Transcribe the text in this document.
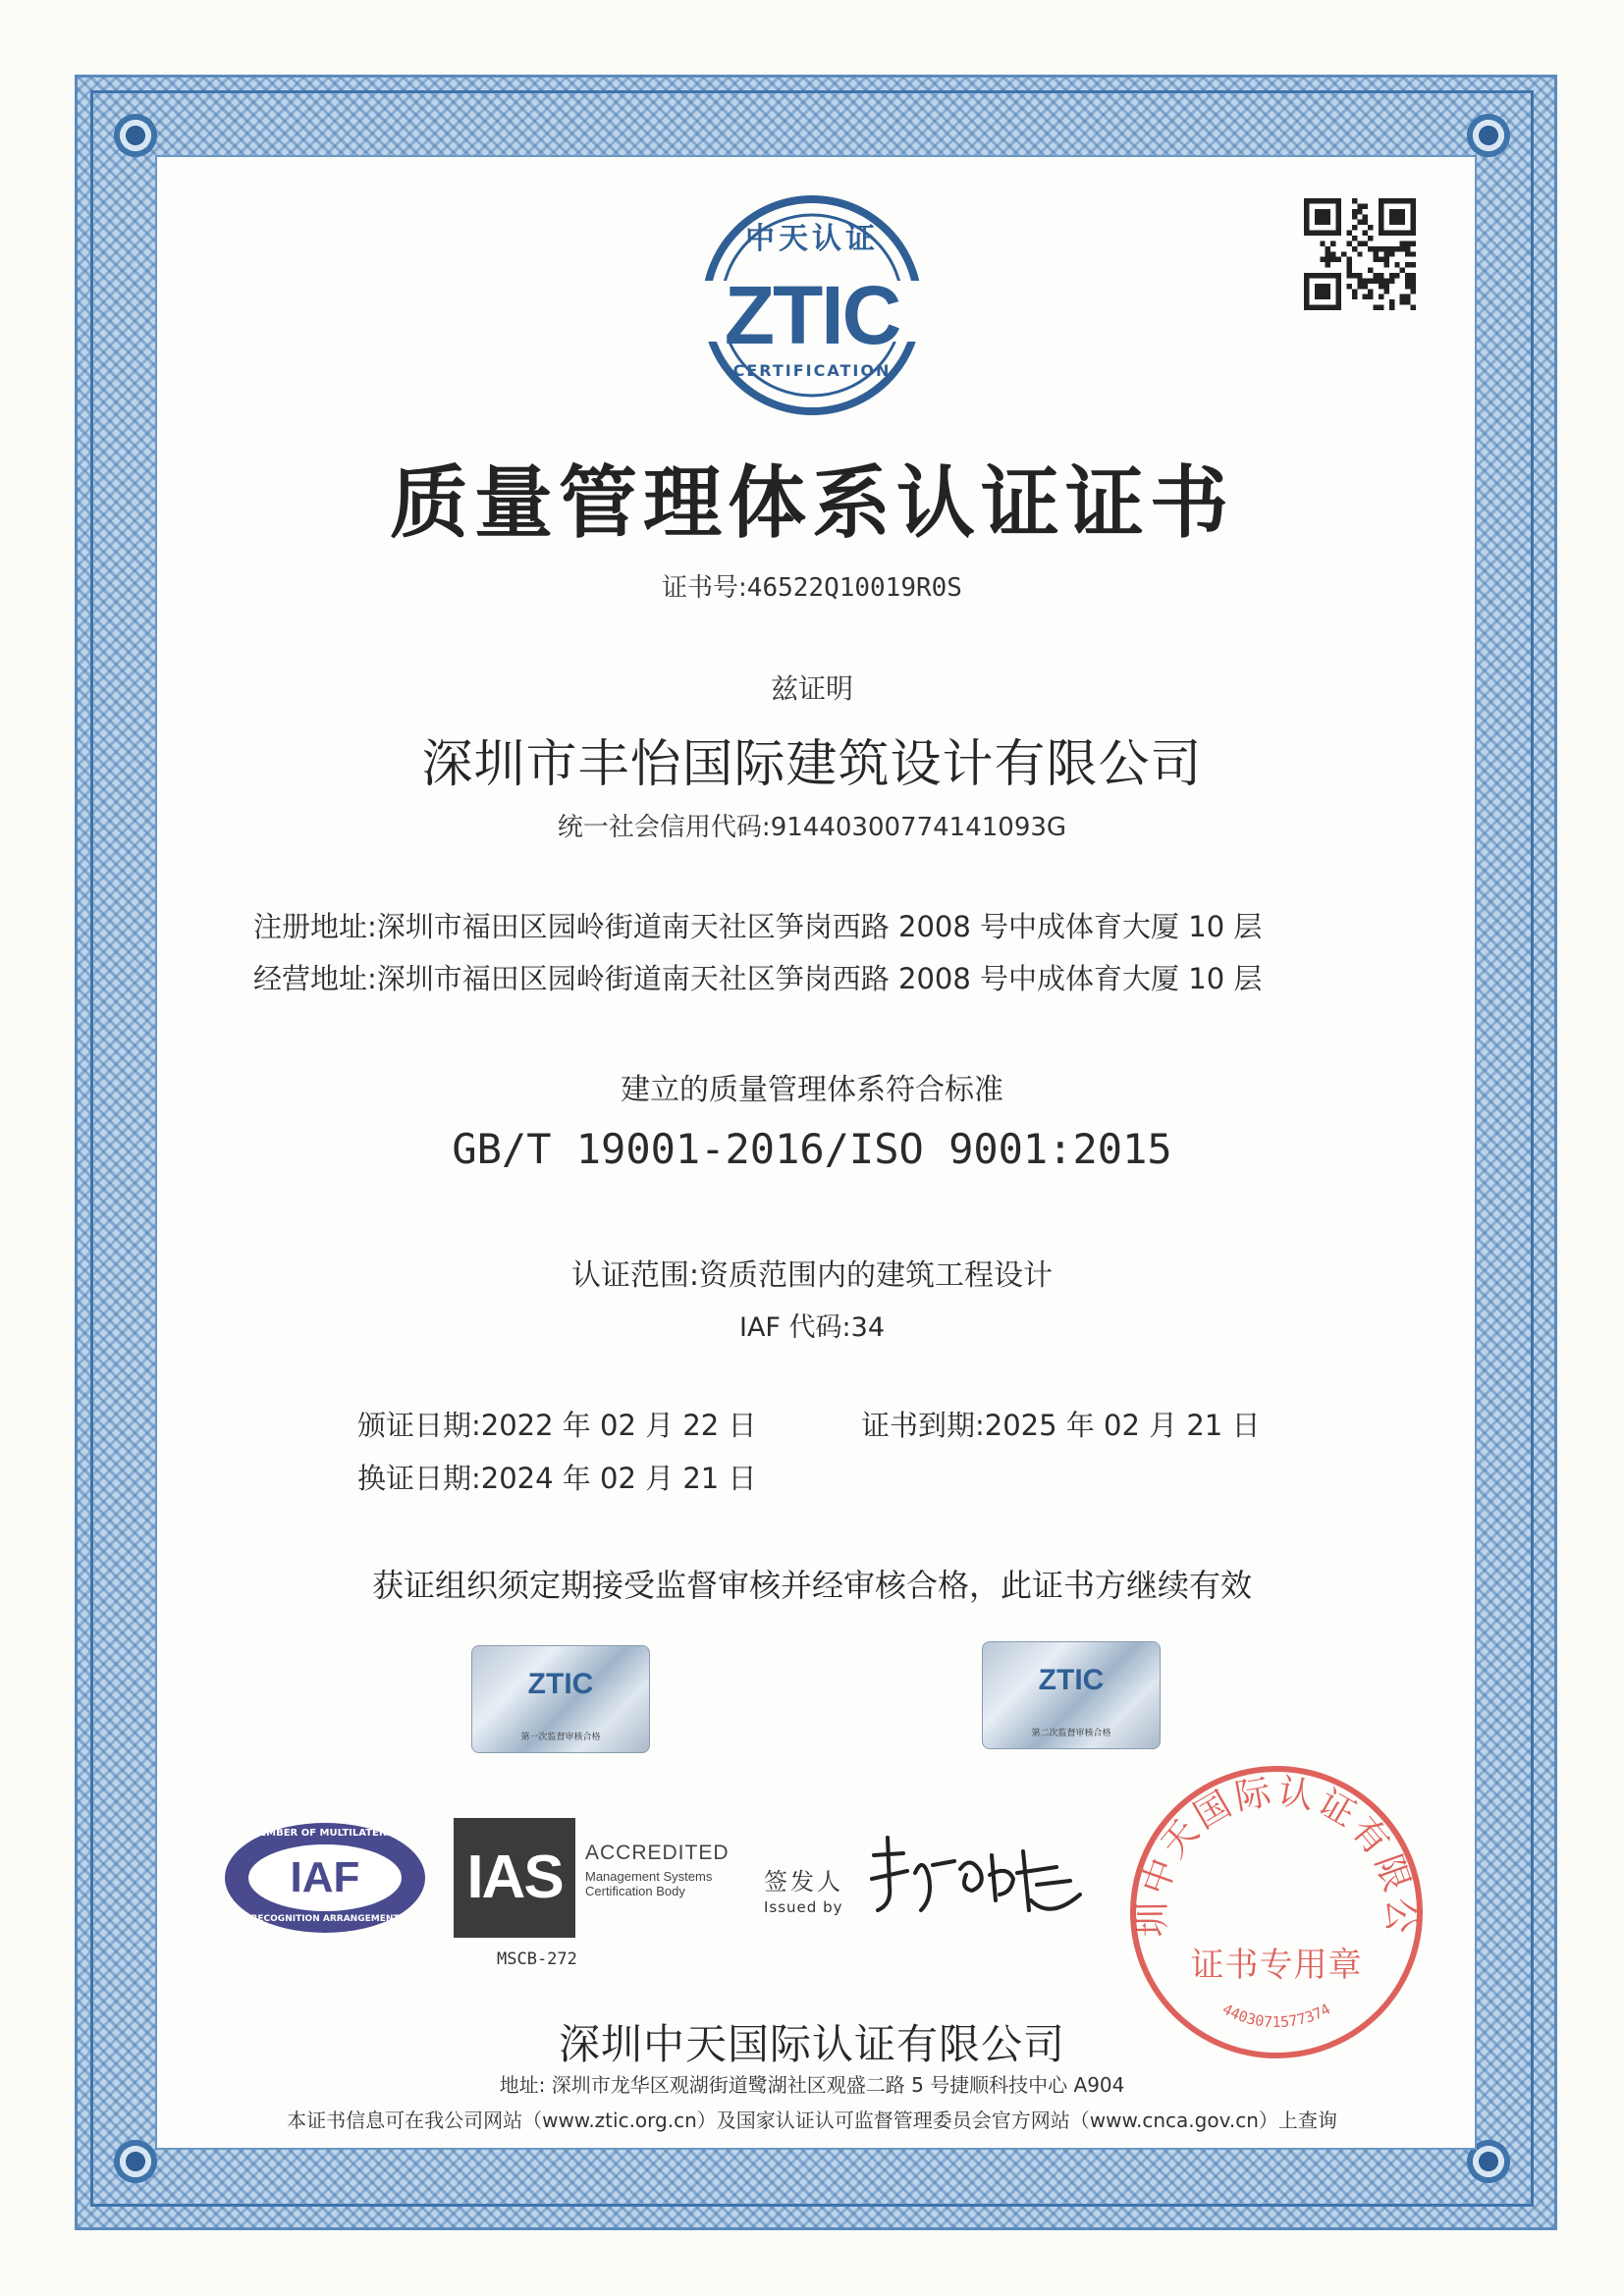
中天认证
ZTIC
CERTIFICATION
质量管理体系认证证书
证书号:46522Q10019R0S
兹证明
深圳市丰怡国际建筑设计有限公司
统一社会信用代码:91440300774141093G
注册地址:深圳市福田区园岭街道南天社区笋岗西路 2008 号中成体育大厦 10 层
经营地址:深圳市福田区园岭街道南天社区笋岗西路 2008 号中成体育大厦 10 层
建立的质量管理体系符合标准
GB/T 19001-2016/ISO 9001:2015
认证范围:资质范围内的建筑工程设计
IAF 代码:34
颁证日期:2022 年 02 月 22 日	证书到期:2025 年 02 月 21 日
换证日期:2024 年 02 月 21 日
获证组织须定期接受监督审核并经审核合格，此证书方继续有效
ZTIC
第一次监督审核合格
ZTIC
第二次监督审核合格
MEMBER OF MULTILATERAL
IAF
RECOGNITION ARRANGEMENT
IAS	ACCREDITED
Management Systems
Certification Body
MSCB-272
签发人
Issued by	圳中天国际认证有限公
4403071577374
证书专用章
深圳中天国际认证有限公司
地址: 深圳市龙华区观湖街道鹭湖社区观盛二路 5 号捷顺科技中心 A904
本证书信息可在我公司网站（www.ztic.org.cn）及国家认证认可监督管理委员会官方网站（www.cnca.gov.cn）上查询
